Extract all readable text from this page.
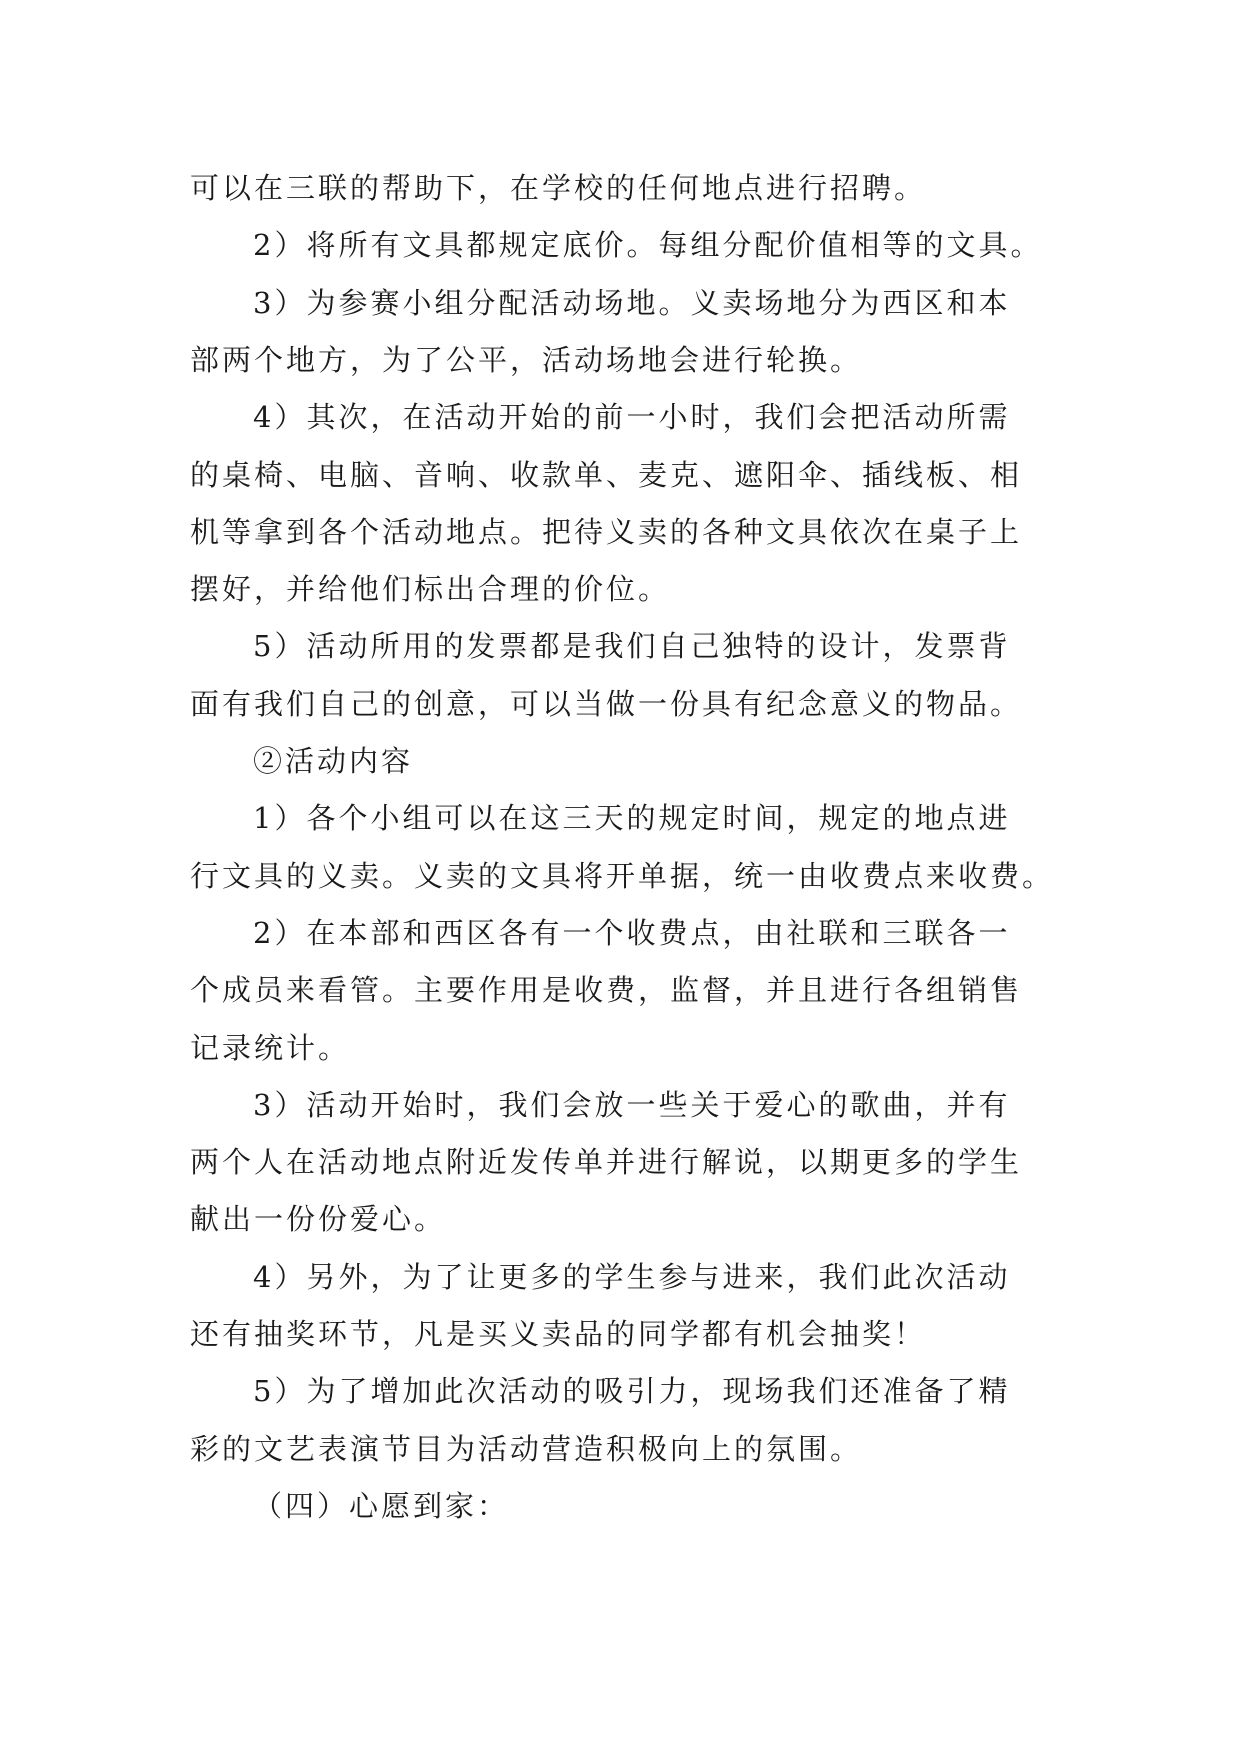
可以在三联的帮助下，在学校的任何地点进行招聘。

2）将所有文具都规定底价。每组分配价值相等的文具。

3）为参赛小组分配活动场地。义卖场地分为西区和本

部两个地方，为了公平，活动场地会进行轮换。

4）其次，在活动开始的前一小时，我们会把活动所需

的桌椅、电脑、音响、收款单、麦克、遮阳伞、插线板、相

机等拿到各个活动地点。把待义卖的各种文具依次在桌子上

摆好，并给他们标出合理的价位。

5）活动所用的发票都是我们自己独特的设计，发票背

面有我们自己的创意，可以当做一份具有纪念意义的物品。

②活动内容

1）各个小组可以在这三天的规定时间，规定的地点进

行文具的义卖。义卖的文具将开单据，统一由收费点来收费。

2）在本部和西区各有一个收费点，由社联和三联各一

个成员来看管。主要作用是收费，监督，并且进行各组销售

记录统计。

3）活动开始时，我们会放一些关于爱心的歌曲，并有

两个人在活动地点附近发传单并进行解说，以期更多的学生

献出一份份爱心。

4）另外，为了让更多的学生参与进来，我们此次活动

还有抽奖环节，凡是买义卖品的同学都有机会抽奖！

5）为了增加此次活动的吸引力，现场我们还准备了精

彩的文艺表演节目为活动营造积极向上的氛围。

（四）心愿到家：
